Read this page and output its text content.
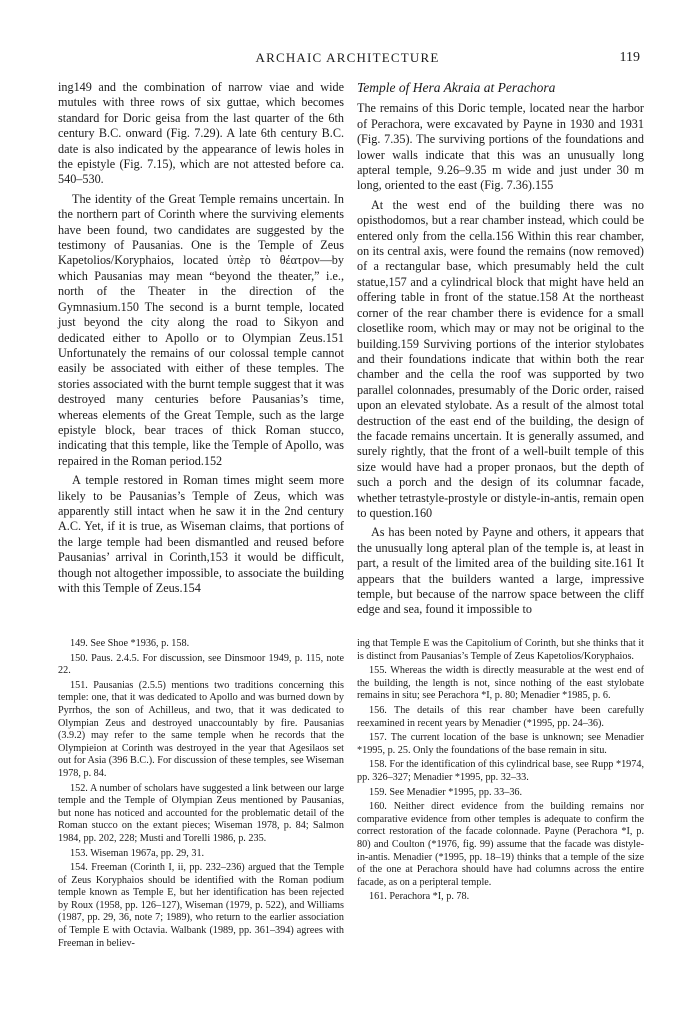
ARCHAIC ARCHITECTURE	119

ing149 and the combination of narrow viae and wide mutules with three rows of six guttae, which becomes standard for Doric geisa from the last quarter of the 6th century B.C. onward (Fig. 7.29). A late 6th century B.C. date is also indicated by the appearance of lewis holes in the epistyle (Fig. 7.15), which are not attested before ca. 540–530.

The identity of the Great Temple remains uncertain. In the northern part of Corinth where the surviving elements have been found, two candidates are suggested by the testimony of Pausanias. One is the Temple of Zeus Kapetolios/Koryphaios, located ὑπὲρ τὸ θέατρον—by which Pausanias may mean “beyond the theater,” i.e., north of the Theater in the direction of the Gymnasium.150 The second is a burnt temple, located just beyond the city along the road to Sikyon and dedicated either to Apollo or to Olympian Zeus.151 Unfortunately the remains of our colossal temple cannot easily be associated with either of these temples. The stories associated with the burnt temple suggest that it was destroyed many centuries before Pausanias’s time, whereas elements of the Great Temple, such as the large epistyle block, bear traces of thick Roman stucco, indicating that this temple, like the Temple of Apollo, was repaired in the Roman period.152

A temple restored in Roman times might seem more likely to be Pausanias’s Temple of Zeus, which was apparently still intact when he saw it in the 2nd century A.C. Yet, if it is true, as Wiseman claims, that portions of the large temple had been dismantled and reused before Pausanias’ arrival in Corinth,153 it would be difficult, though not altogether impossible, to associate the building with this Temple of Zeus.154

Temple of Hera Akraia at Perachora

The remains of this Doric temple, located near the harbor of Perachora, were excavated by Payne in 1930 and 1931 (Fig. 7.35). The surviving portions of the foundations and lower walls indicate that this was an unusually long apteral temple, 9.26–9.35 m wide and just under 30 m long, oriented to the east (Fig. 7.36).155

At the west end of the building there was no opisthodomos, but a rear chamber instead, which could be entered only from the cella.156 Within this rear chamber, on its central axis, were found the remains (now removed) of a rectangular base, which presumably held the cult statue,157 and a cylindrical block that might have held an offering table in front of the statue.158 At the northeast corner of the rear chamber there is evidence for a small closetlike room, which may or may not be original to the building.159 Surviving portions of the interior stylobates and their foundations indicate that within both the rear chamber and the cella the roof was supported by two parallel colonnades, presumably of the Doric order, raised upon an elevated stylobate. As a result of the almost total destruction of the east end of the building, the design of the facade remains uncertain. It is generally assumed, and surely rightly, that the front of a well-built temple of this size would have had a proper pronaos, but the depth of such a porch and the design of its columnar facade, whether tetrastyle-prostyle or distyle-in-antis, remain open to question.160

As has been noted by Payne and others, it appears that the unusually long apteral plan of the temple is, at least in part, a result of the limited area of the building site.161 It appears that the builders wanted a large, impressive temple, but because of the narrow space between the cliff edge and sea, found it impossible to

149. See Shoe *1936, p. 158.
150. Paus. 2.4.5. For discussion, see Dinsmoor 1949, p. 115, note 22.
151. Pausanias (2.5.5) mentions two traditions concerning this temple: one, that it was dedicated to Apollo and was burned down by Pyrrhos, the son of Achilleus, and two, that it was dedicated to Olympian Zeus and destroyed unaccountably by fire. Pausanias (3.9.2) may refer to the same temple when he records that the Olympieion at Corinth was destroyed in the year that Agesilaos set out for Asia (396 B.C.). For discussion of these temples, see Wiseman 1978, p. 84.
152. A number of scholars have suggested a link between our large temple and the Temple of Olympian Zeus mentioned by Pausanias, but none has noticed and accounted for the problematic detail of the Roman stucco on the extant pieces; Wiseman 1978, p. 84; Salmon 1984, pp. 202, 228; Musti and Torelli 1986, p. 235.
153. Wiseman 1967a, pp. 29, 31.
154. Freeman (Corinth I, ii, pp. 232–236) argued that the Temple of Zeus Koryphaios should be identified with the Roman podium temple known as Temple E, but her identification has been rejected by Roux (1958, pp. 126–127), Wiseman (1979, p. 522), and Williams (1987, pp. 29, 36, note 7; 1989), who return to the earlier association of Temple E with Octavia. Walbank (1989, pp. 361–394) agrees with Freeman in believ-
ing that Temple E was the Capitolium of Corinth, but she thinks that it is distinct from Pausanias’s Temple of Zeus Kapetolios/Koryphaios.
155. Whereas the width is directly measurable at the west end of the building, the length is not, since nothing of the east stylobate remains in situ; see Perachora *I, p. 80; Menadier *1985, p. 6.
156. The details of this rear chamber have been carefully reexamined in recent years by Menadier (*1995, pp. 24–36).
157. The current location of the base is unknown; see Menadier *1995, p. 25. Only the foundations of the base remain in situ.
158. For the identification of this cylindrical base, see Rupp *1974, pp. 326–327; Menadier *1995, pp. 32–33.
159. See Menadier *1995, pp. 33–36.
160. Neither direct evidence from the building remains nor comparative evidence from other temples is adequate to confirm the correct restoration of the facade colonnade. Payne (Perachora *I, p. 80) and Coulton (*1976, fig. 99) assume that the facade was distyle-in-antis. Menadier (*1995, pp. 18–19) thinks that a temple of the size of the one at Perachora should have had columns across the entire facade, as on a peripteral temple.
161. Perachora *I, p. 78.
